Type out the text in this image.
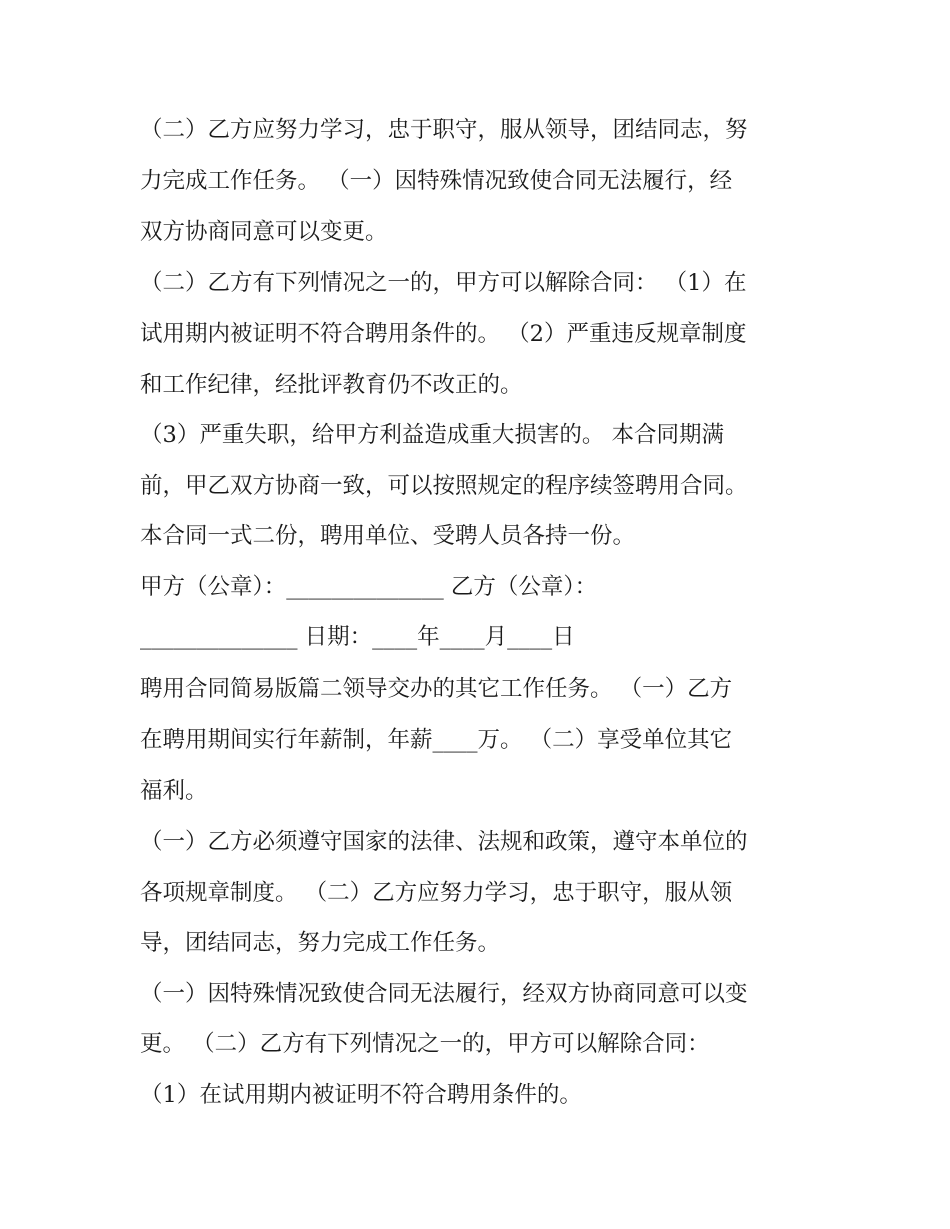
（二）乙方应努力学习，忠于职守，服从领导，团结同志，努
力完成工作任务。 （一）因特殊情况致使合同无法履行，经
双方协商同意可以变更。
（二）乙方有下列情况之一的，甲方可以解除合同： （1）在
试用期内被证明不符合聘用条件的。 （2）严重违反规章制度
和工作纪律，经批评教育仍不改正的。
（3）严重失职，给甲方利益造成重大损害的。 本合同期满
前，甲乙双方协商一致，可以按照规定的程序续签聘用合同。
本合同一式二份，聘用单位、受聘人员各持一份。
甲方（公章）：______________ 乙方（公章）：
______________ 日期：____年____月____日
聘用合同简易版篇二领导交办的其它工作任务。 （一）乙方
在聘用期间实行年薪制，年薪____万。 （二）享受单位其它
福利。
（一）乙方必须遵守国家的法律、法规和政策，遵守本单位的
各项规章制度。 （二）乙方应努力学习，忠于职守，服从领
导，团结同志，努力完成工作任务。
（一）因特殊情况致使合同无法履行，经双方协商同意可以变
更。 （二）乙方有下列情况之一的，甲方可以解除合同：
（1）在试用期内被证明不符合聘用条件的。
